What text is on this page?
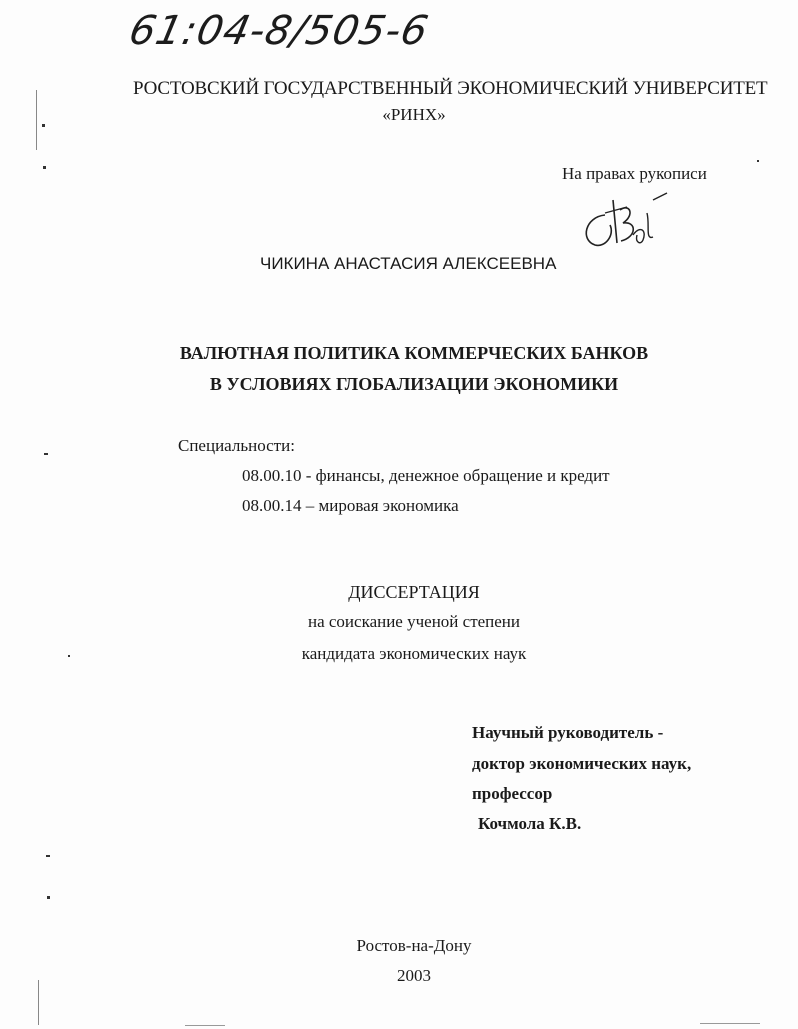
61:04-8/505-6
РОСТОВСКИЙ ГОСУДАРСТВЕННЫЙ ЭКОНОМИЧЕСКИЙ УНИВЕРСИТЕТ
«РИНХ»
На правах рукописи
ЧИКИНА АНАСТАСИЯ АЛЕКСЕЕВНА
ВАЛЮТНАЯ ПОЛИТИКА КОММЕРЧЕСКИХ БАНКОВ
В УСЛОВИЯХ ГЛОБАЛИЗАЦИИ ЭКОНОМИКИ
Специальности:
08.00.10 - финансы, денежное обращение и кредит
08.00.14 – мировая экономика
ДИССЕРТАЦИЯ
на соискание ученой степени
кандидата экономических наук
Научный руководитель -
доктор экономических наук,
профессор
Кочмола К.В.
Ростов-на-Дону
2003
